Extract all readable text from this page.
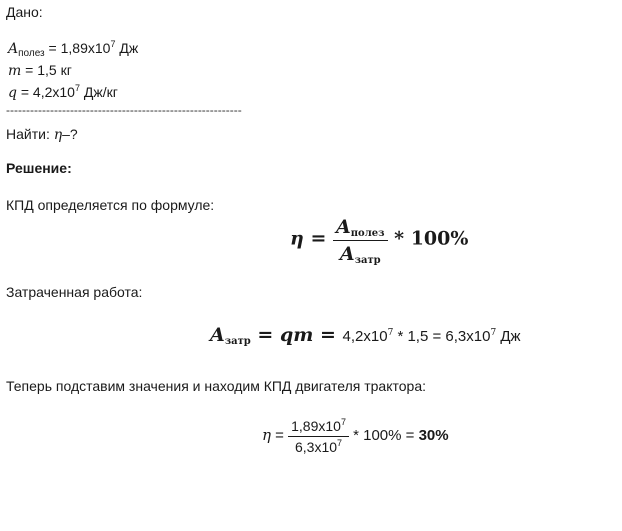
Дано:
$A_{полез} = 1,89x10^7$ Дж
m = 1,5 кг
$q = 4,2x10^7$ Дж/кг
-----------------------------------------------------------
Найти: η–?
Решение:
КПД определяется по формуле:
$\eta = \frac{A_{полез}}{A_{затр}} * 100\%$
Затраченная работа:
$A_{затр}$ = qm = $4,2x10^7 * 1,5 = 6,3x10^7$ Дж
Теперь подставим значения и находим КПД двигателя трактора:
$\eta = \frac{1,89x10^7}{6,3x10^7} * 100\% = 30\%$
